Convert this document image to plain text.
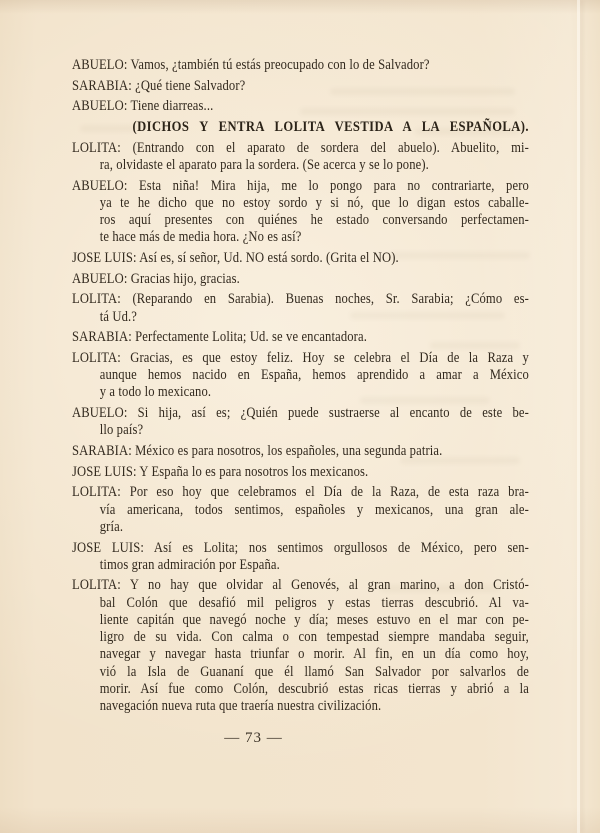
ABUELO: Vamos, ¿también tú estás preocupado con lo de Salvador?
SARABIA: ¿Qué tiene Salvador?
ABUELO: Tiene diarreas...
(DICHOS Y ENTRA LOLITA VESTIDA A LA ESPAÑOLA).
LOLITA: (Entrando con el aparato de sordera del abuelo). Abuelito, mi-
ra, olvidaste el aparato para la sordera. (Se acerca y se lo pone).
ABUELO: Esta niña! Mira hija, me lo pongo para no contrariarte, pero
ya te he dicho que no estoy sordo y si nó, que lo digan estos caballe-
ros aquí presentes con quiénes he estado conversando perfectamen-
te hace más de media hora. ¿No es así?
JOSE LUIS: Así es, sí señor, Ud. NO está sordo. (Grita el NO).
ABUELO: Gracias hijo, gracias.
LOLITA: (Reparando en Sarabia). Buenas noches, Sr. Sarabia; ¿Cómo es-
tá Ud.?
SARABIA: Perfectamente Lolita; Ud. se ve encantadora.
LOLITA: Gracias, es que estoy feliz. Hoy se celebra el Día de la Raza y
aunque hemos nacido en España, hemos aprendido a amar a México
y a todo lo mexicano.
ABUELO: Si hija, así es; ¿Quién puede sustraerse al encanto de este be-
llo país?
SARABIA: México es para nosotros, los españoles, una segunda patria.
JOSE LUIS: Y España lo es para nosotros los mexicanos.
LOLITA: Por eso hoy que celebramos el Día de la Raza, de esta raza bra-
vía americana, todos sentimos, españoles y mexicanos, una gran ale-
gría.
JOSE LUIS: Así es Lolita; nos sentimos orgullosos de México, pero sen-
timos gran admiración por España.
LOLITA: Y no hay que olvidar al Genovés, al gran marino, a don Cristó-
bal Colón que desafió mil peligros y estas tierras descubrió. Al va-
liente capitán que navegó noche y día; meses estuvo en el mar con pe-
ligro de su vida. Con calma o con tempestad siempre mandaba seguir,
navegar y navegar hasta triunfar o morir. Al fin, en un día como hoy,
vió la Isla de Guananí que él llamó San Salvador por salvarlos de
morir. Así fue como Colón, descubrió estas ricas tierras y abrió a la
navegación nueva ruta que traería nuestra civilización.
— 73 —
